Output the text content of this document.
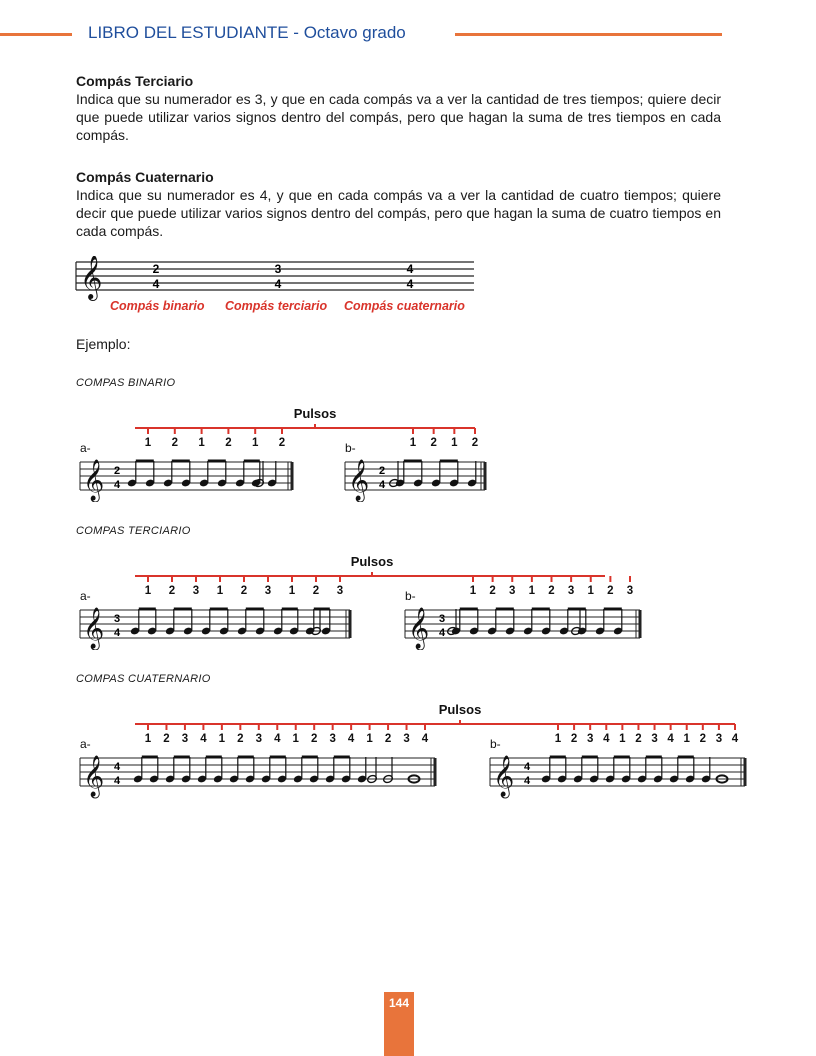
LIBRO DEL ESTUDIANTE - Octavo grado
Compás Terciario
Indica que su numerador es 3, y que en cada compás va a ver la cantidad de tres tiempos; quiere decir que puede utilizar varios signos dentro del compás, pero que hagan la suma de tres tiempos en cada compás.
Compás Cuaternario
Indica que su numerador es 4, y que en cada compás va a ver la cantidad de cuatro tiempos; quiere decir que puede utilizar varios signos dentro del compás, pero que hagan la suma de cuatro tiempos en cada compás.
𝄞	2
4
3
4
4
4
Compás binario Compás terciario Compás cuaternario
Ejemplo:
COMPAS BINARIO
COMPAS TERCIARIO
COMPAS CUATERNARIO
Pulsos
1 2 1 2 1 2
a-
𝄞 2
4
1 2 1 2
b-
𝄞 2
4
Pulsos
1 2 3 1 2 3 1 2 3
a-
𝄞 3
4
1 2 3 1 2 3 1 2 3
b-
𝄞 3
4
Pulsos
1 2 3 4 1 2 3 4 1 2 3 4 1 2 3 4
a-
𝄞 4
4
1 2 3 4 1 2 3 4 1 2 3 4
b-
𝄞 4
4
144
